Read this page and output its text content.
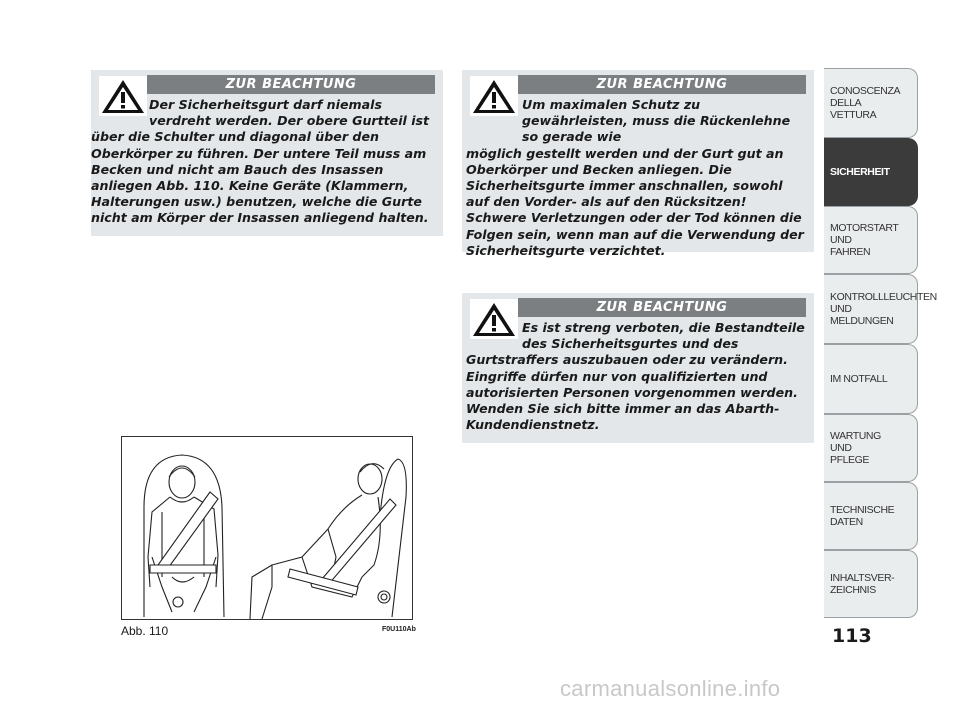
ZUR BEACHTUNG

Der Sicherheitsgurt darf niemals verdreht werden. Der obere Gurtteil ist
über die Schulter und diagonal über den Oberkörper zu führen. Der untere Teil muss am Becken und nicht am Bauch des Insassen anliegen Abb. 110. Keine Geräte (Klammern, Halterungen usw.) benutzen, welche die Gurte nicht am Körper der Insassen anliegend halten.

ZUR BEACHTUNG

Um maximalen Schutz zu gewährleisten, muss die Rückenlehne so gerade wie
möglich gestellt werden und der Gurt gut an Oberkörper und Becken anliegen. Die Sicherheitsgurte immer anschnallen, sowohl auf den Vorder- als auf den Rücksitzen! Schwere Verletzungen oder der Tod können die Folgen sein, wenn man auf die Verwendung der Sicherheitsgurte verzichtet.

ZUR BEACHTUNG

Es ist streng verboten, die Bestandteile des Sicherheitsgurtes und des
Gurtstraffers auszubauen oder zu verändern. Eingriffe dürfen nur von qualifizierten und autorisierten Personen vorgenommen werden. Wenden Sie sich bitte immer an das Abarth-Kundendienstnetz.

Abb. 110	F0U110Ab
CONOSCENZA DELLA VETTURA
SICHERHEIT
MOTORSTART UND FAHREN
KONTROLLLEUCHTEN UND MELDUNGEN
IM NOTFALL
WARTUNG UND PFLEGE
TECHNISCHE DATEN
INHALTSVER-ZEICHNIS
113
carmanualsonline.info
